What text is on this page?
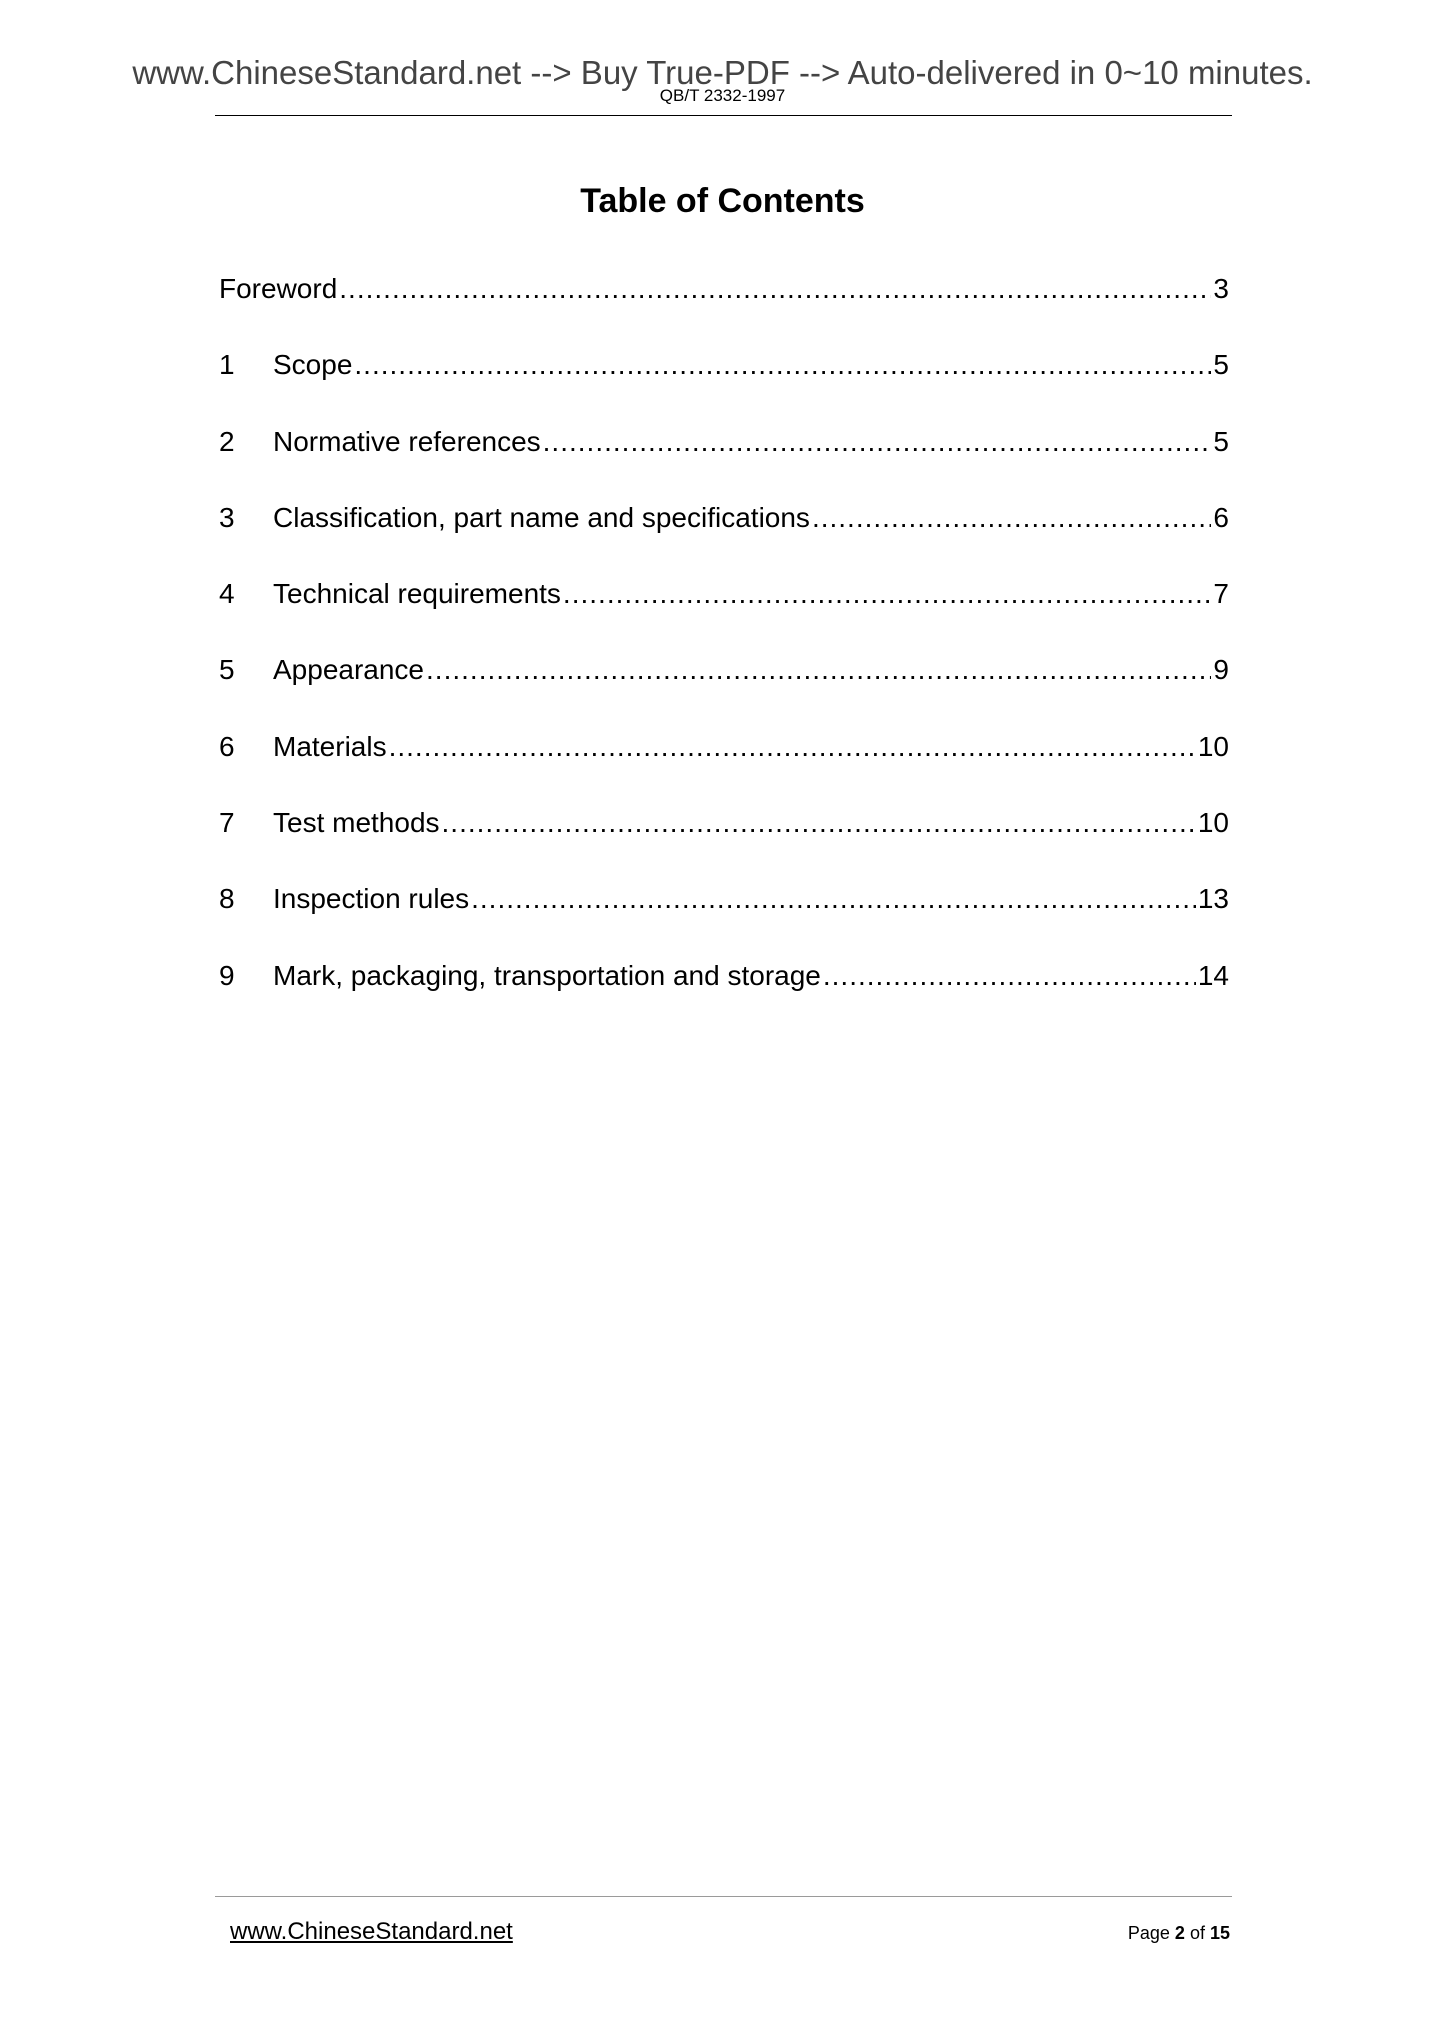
www.ChineseStandard.net --> Buy True-PDF --> Auto-delivered in 0~10 minutes.
QB/T 2332-1997
Table of Contents
Foreword .....	3
1	Scope .....	5
2	Normative references .....	5
3	Classification, part name and specifications .....	6
4	Technical requirements .....	7
5	Appearance .....	9
6	Materials .....	10
7	Test methods .....	10
8	Inspection rules .....	13
9	Mark, packaging, transportation and storage .....	14
www.ChineseStandard.net	Page 2 of 15
